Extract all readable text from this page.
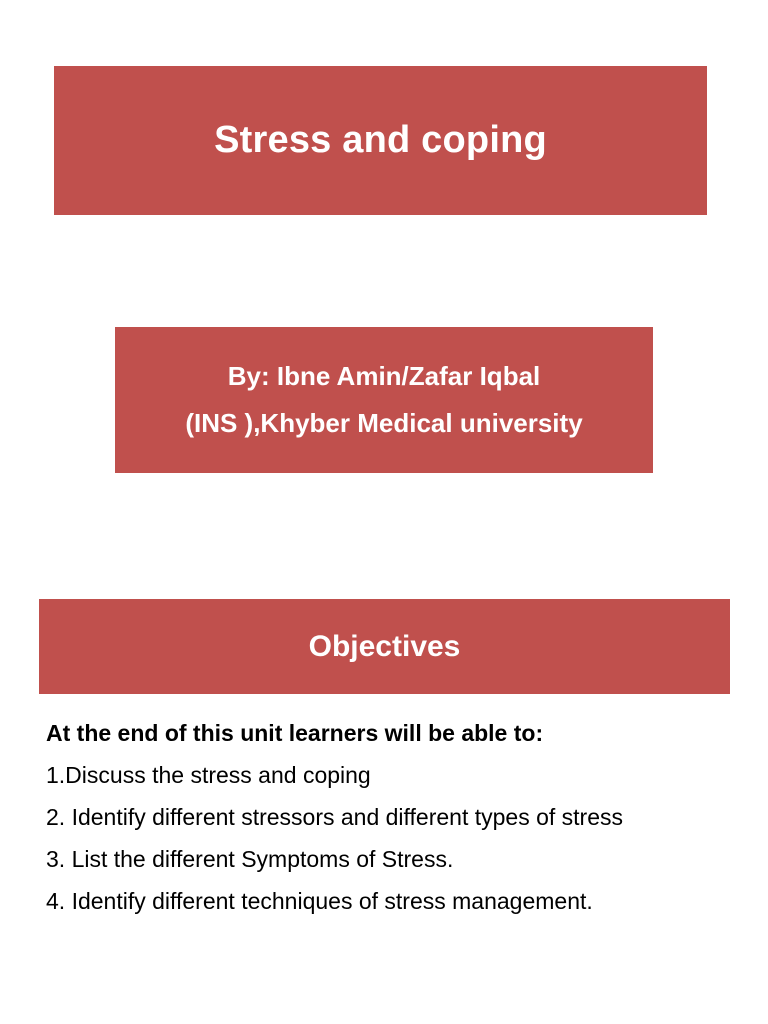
Stress and coping
By: Ibne Amin/Zafar Iqbal
(INS ),Khyber Medical university
Objectives
At the end of this unit learners will be able to:
1.Discuss the stress and coping
2. Identify different stressors and different types of stress
3. List the different Symptoms of Stress.
4. Identify different techniques of stress management.
